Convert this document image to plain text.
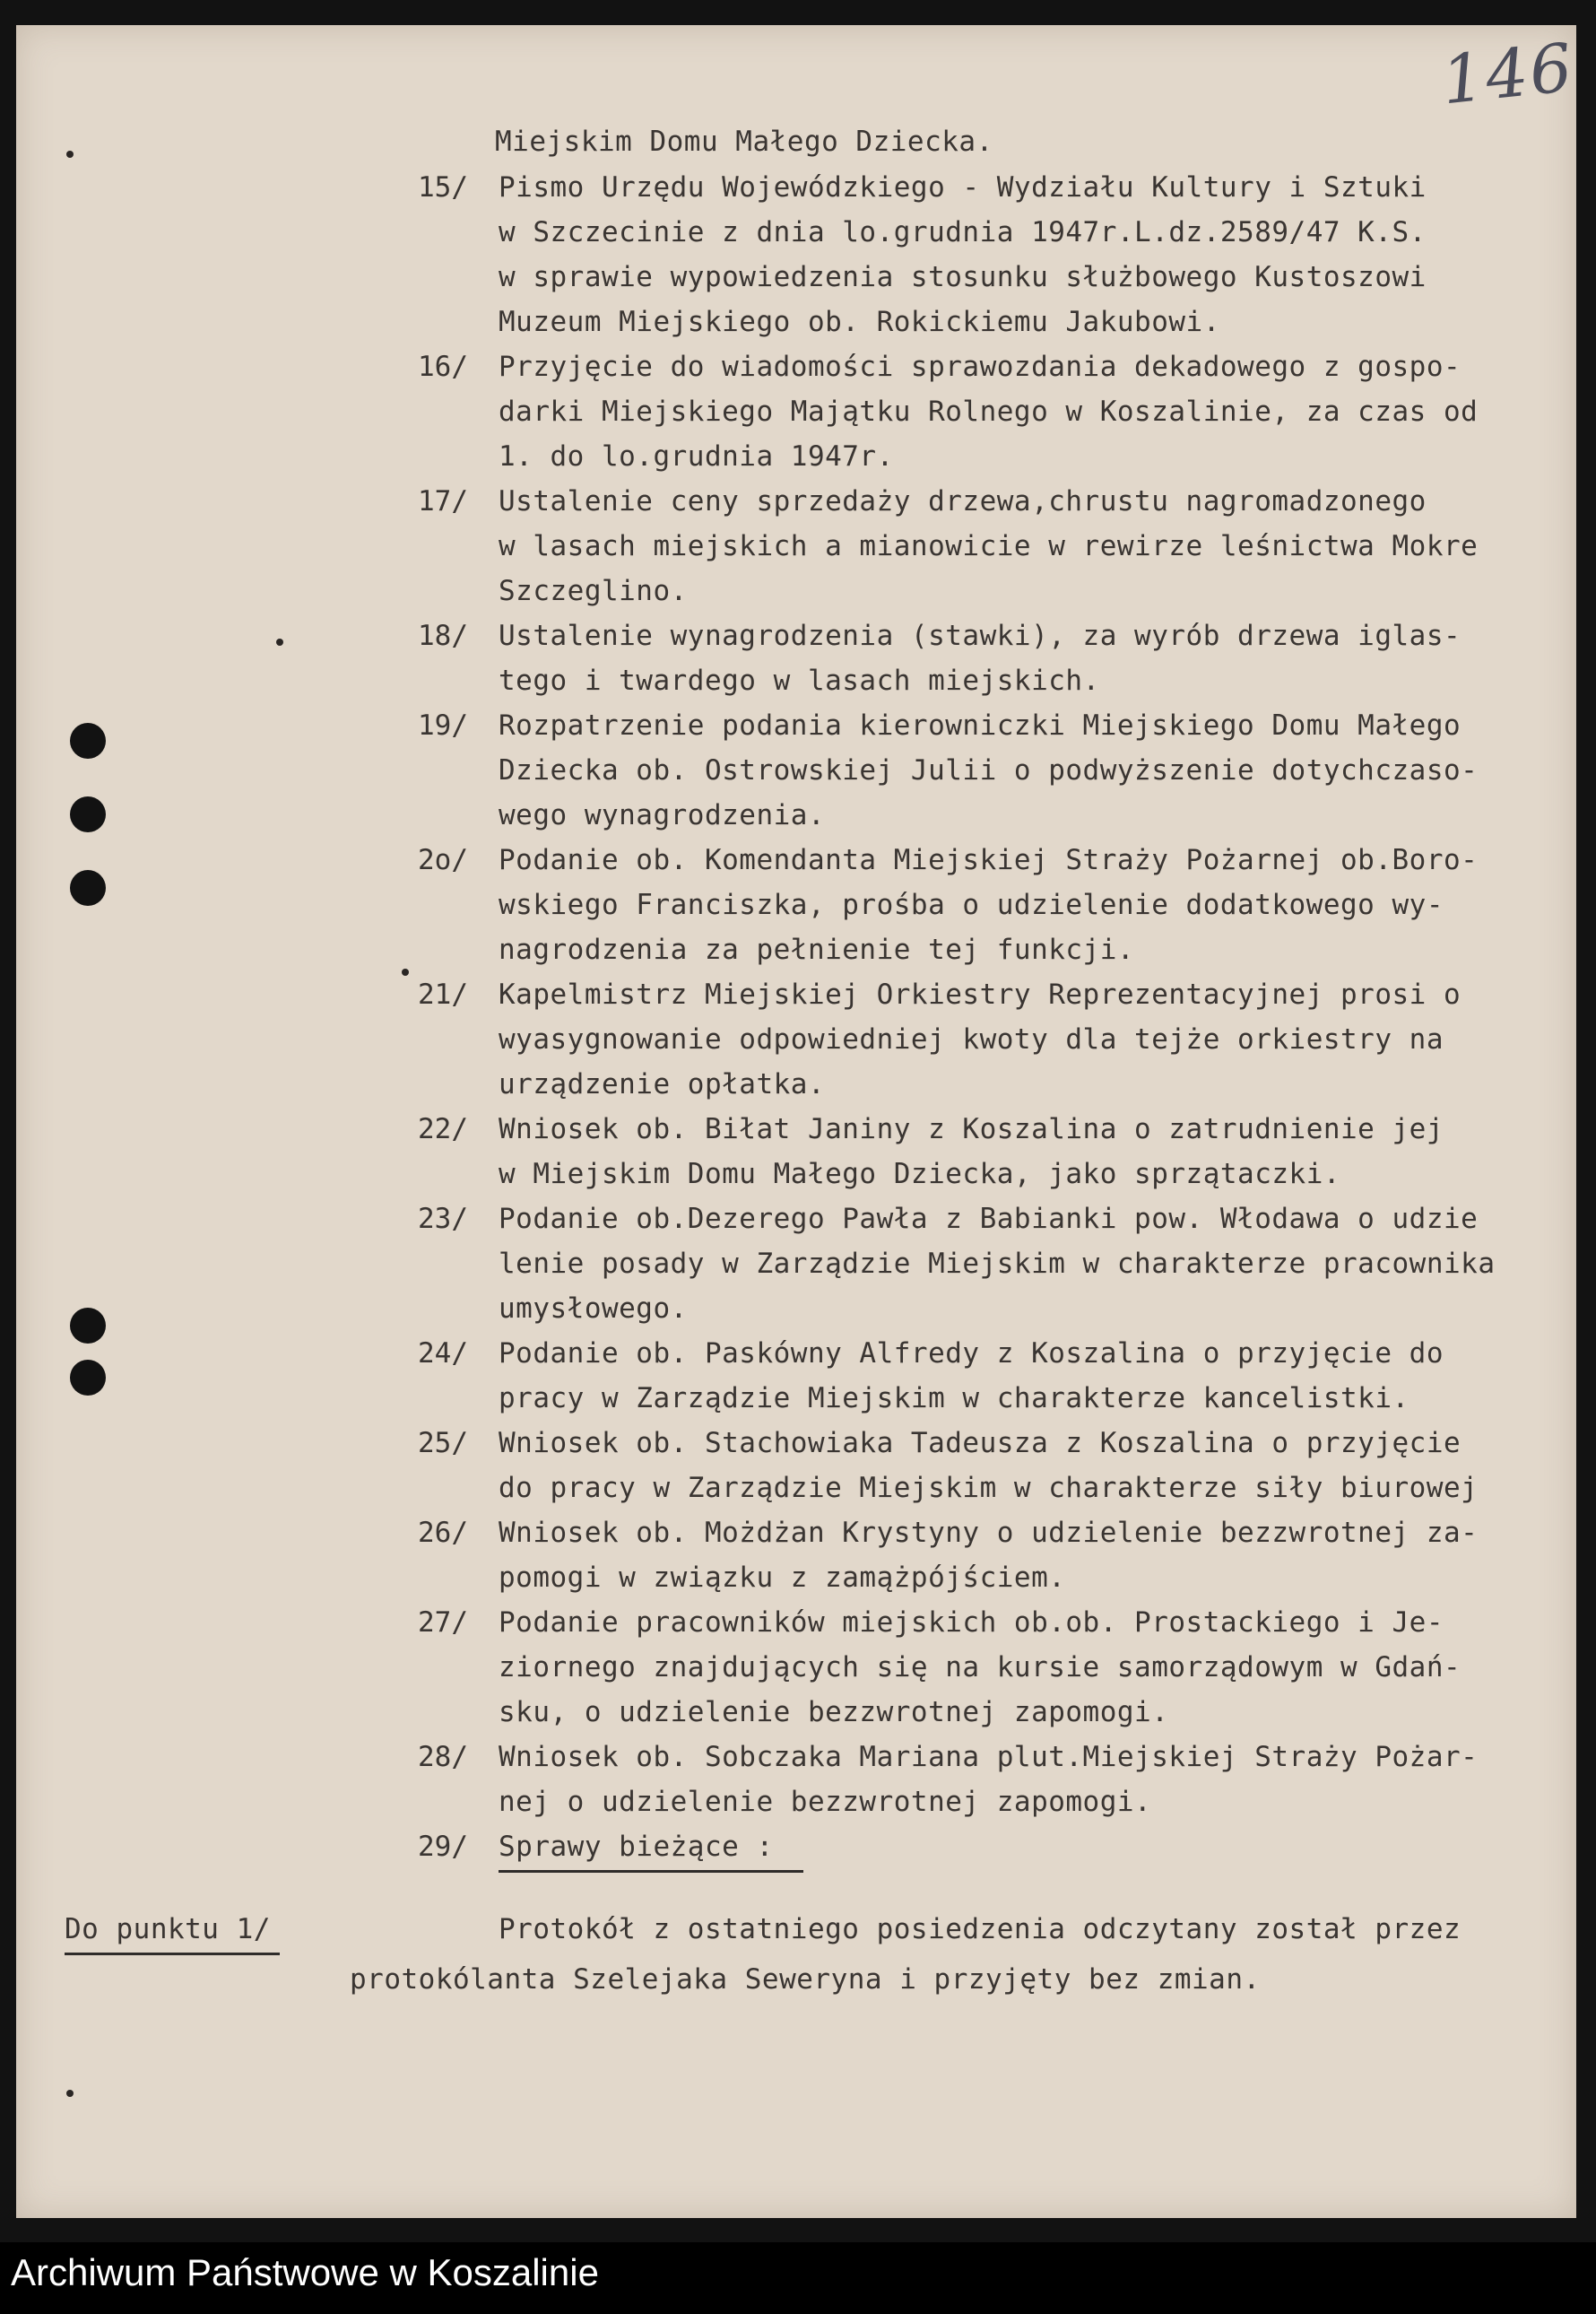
146
Miejskim Domu Małego Dziecka.
15/ Pismo Urzędu Wojewódzkiego - Wydziału Kultury i Sztuki
w Szczecinie z dnia lo.grudnia 1947r.L.dz.2589/47 K.S.
w sprawie wypowiedzenia stosunku służbowego Kustoszowi
Muzeum Miejskiego ob. Rokickiemu Jakubowi.
16/ Przyjęcie do wiadomości sprawozdania dekadowego z gospo-
darki Miejskiego Majątku Rolnego w Koszalinie, za czas od
1. do lo.grudnia 1947r.
17/ Ustalenie ceny sprzedaży drzewa,chrustu nagromadzonego
w lasach miejskich a mianowicie w rewirze leśnictwa Mokre
Szczeglino.
18/ Ustalenie wynagrodzenia (stawki), za wyrób drzewa iglas-
tego i twardego w lasach miejskich.
19/ Rozpatrzenie podania kierowniczki Miejskiego Domu Małego
Dziecka ob. Ostrowskiej Julii o podwyższenie dotychczaso-
wego wynagrodzenia.
2o/ Podanie ob. Komendanta Miejskiej Straży Pożarnej ob.Boro-
wskiego Franciszka, prośba o udzielenie dodatkowego wy-
nagrodzenia za pełnienie tej funkcji.
21/ Kapelmistrz Miejskiej Orkiestry Reprezentacyjnej prosi o
wyasygnowanie odpowiedniej kwoty dla tejże orkiestry na
urządzenie opłatka.
22/ Wniosek ob. Biłat Janiny z Koszalina o zatrudnienie jej
w Miejskim Domu Małego Dziecka, jako sprzątaczki.
23/ Podanie ob.Dezerego Pawła z Babianki pow. Włodawa o udzie
lenie posady w Zarządzie Miejskim w charakterze pracownika
umysłowego.
24/ Podanie ob. Paskówny Alfredy z Koszalina o przyjęcie do
pracy w Zarządzie Miejskim w charakterze kancelistki.
25/ Wniosek ob. Stachowiaka Tadeusza z Koszalina o przyjęcie
do pracy w Zarządzie Miejskim w charakterze siły biurowej
26/ Wniosek ob. Możdżan Krystyny o udzielenie bezzwrotnej za-
pomogi w związku z zamążpójściem.
27/ Podanie pracowników miejskich ob.ob. Prostackiego i Je-
ziornego znajdujących się na kursie samorządowym w Gdań-
sku, o udzielenie bezzwrotnej zapomogi.
28/ Wniosek ob. Sobczaka Mariana plut.Miejskiej Straży Pożar-
nej o udzielenie bezzwrotnej zapomogi.
29/ Sprawy bieżące :
Do punktu 1/	Protokół z ostatniego posiedzenia odczytany został przez
protokólanta Szelejaka Seweryna i przyjęty bez zmian.
Archiwum Państwowe w Koszalinie
